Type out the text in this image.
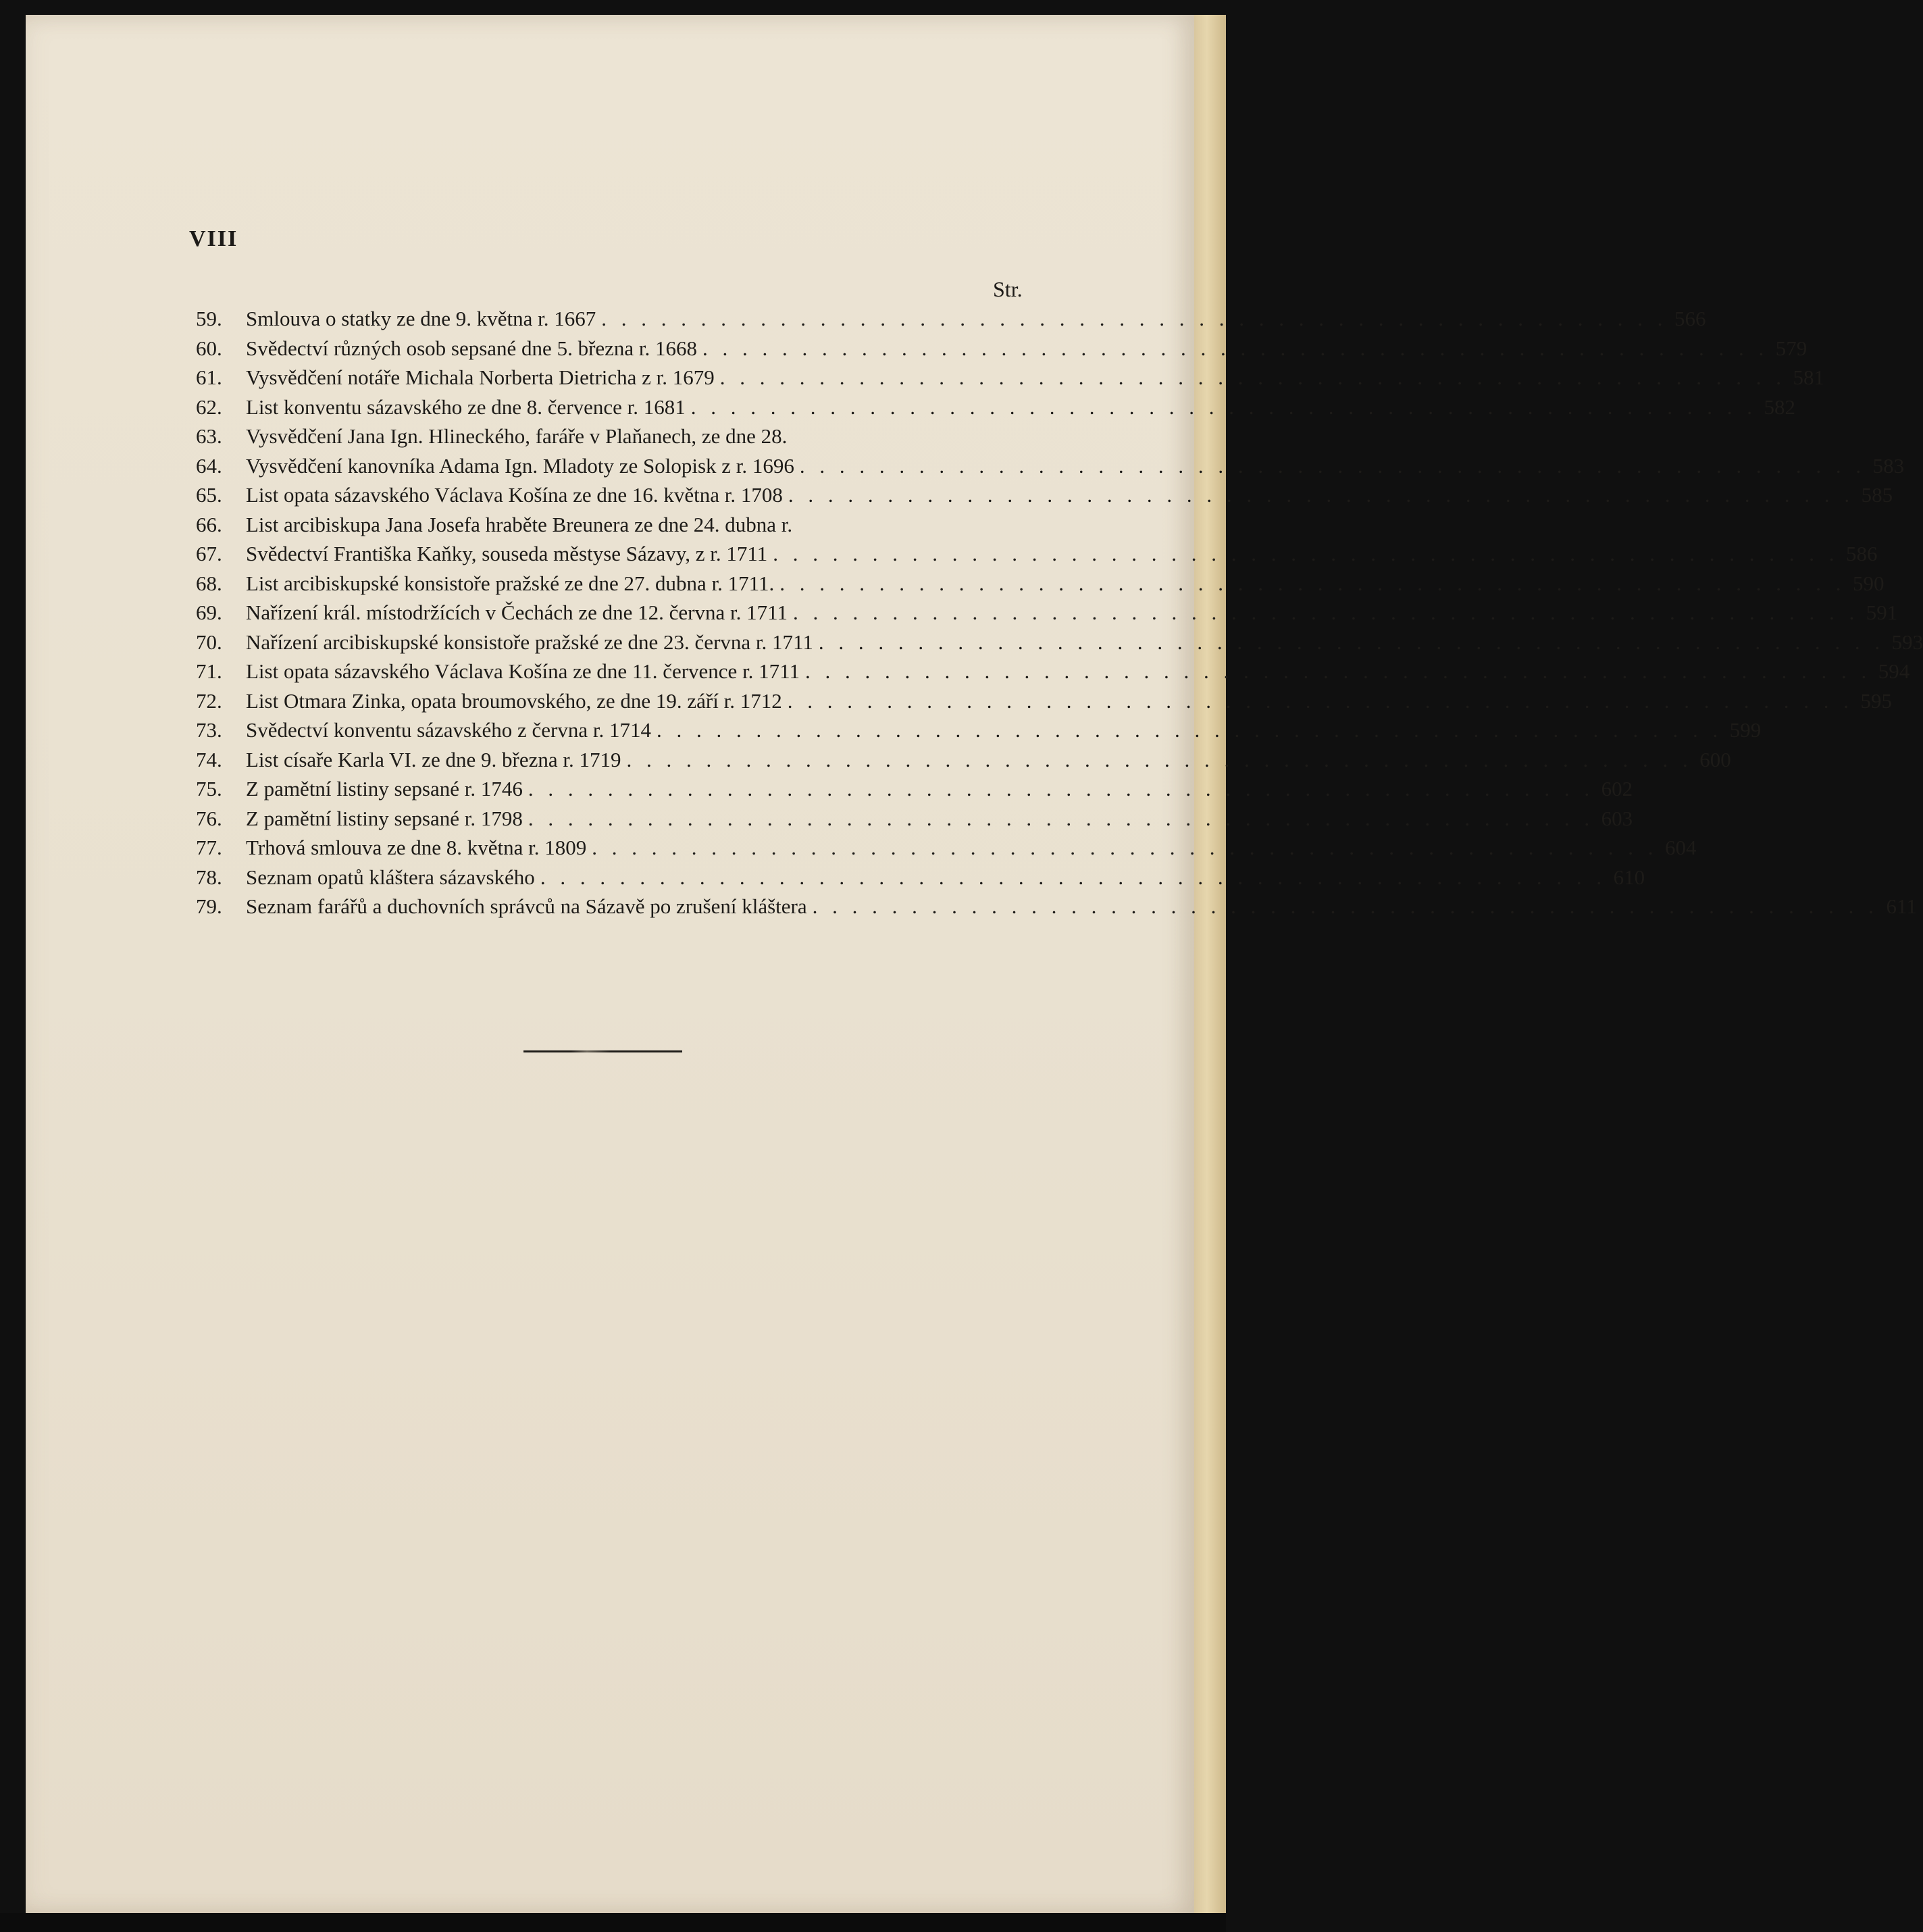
VIII
Str.
59.	Smlouva o statky ze dne 9. května r. 1667 . . .	566
60.	Svědectví různých osob sepsané dne 5. března r. 1668 . . .	579
61.	Vysvědčení notáře Michala Norberta Dietricha z r. 1679 . . .	581
62.	List konventu sázavského ze dne 8. července r. 1681 . . .	582
63.	Vysvědčení Jana Ign. Hlineckého, faráře v Plaňanech, ze dne 28.
64.	Vysvědčení kanovníka Adama Ign. Mladoty ze Solopisk z r. 1696 . . .	583
65.	List opata sázavského Václava Košína ze dne 16. května r. 1708 . . .	585
66.	List arcibiskupa Jana Josefa hraběte Breunera ze dne 24. dubna r.
67.	Svědectví Františka Kaňky, souseda městyse Sázavy, z r. 1711 . . .	586
68.	List arcibiskupské konsistoře pražské ze dne 27. dubna r. 1711. . . .	590
69.	Nařízení král. místodržících v Čechách ze dne 12. června r. 1711 . . .	591
70.	Nařízení arcibiskupské konsistoře pražské ze dne 23. června r. 1711 . . .	593
71.	List opata sázavského Václava Košína ze dne 11. července r. 1711 . . .	594
72.	List Otmara Zinka, opata broumovského, ze dne 19. září r. 1712 . . .	595
73.	Svědectví konventu sázavského z června r. 1714 . . .	599
74.	List císaře Karla VI. ze dne 9. března r. 1719 . . .	600
75.	Z pamětní listiny sepsané r. 1746 . . .	602
76.	Z pamětní listiny sepsané r. 1798 . . .	603
77.	Trhová smlouva ze dne 8. května r. 1809 . . .	604
78.	Seznam opatů kláštera sázavského . . .	610
79.	Seznam farářů a duchovních správců na Sázavě po zrušení kláštera . . .	611
